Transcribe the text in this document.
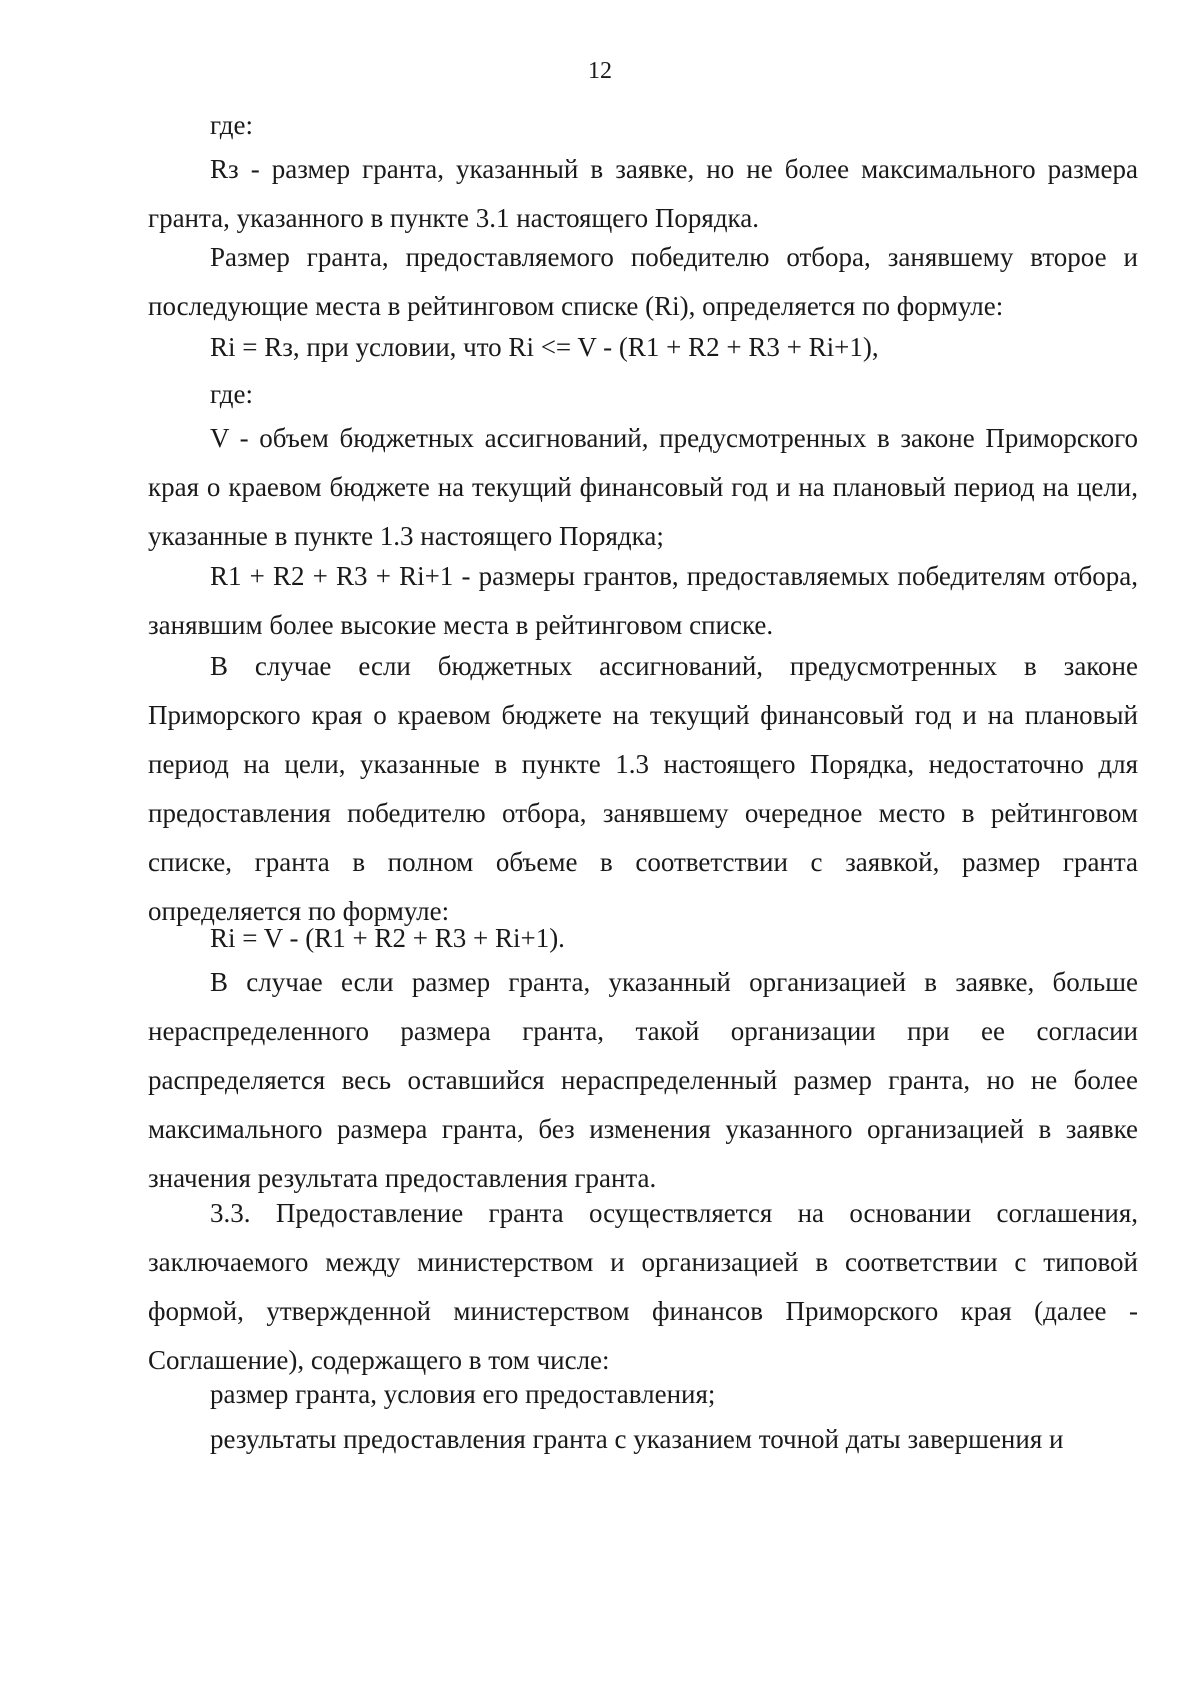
12

где:

Rз - размер гранта, указанный в заявке, но не более максимального размера гранта, указанного в пункте 3.1 настоящего Порядка.

Размер гранта, предоставляемого победителю отбора, занявшему второе и последующие места в рейтинговом списке (Ri), определяется по формуле:

Ri = Rз, при условии, что Ri <= V - (R1 + R2 + R3 + Ri+1),

где:

V - объем бюджетных ассигнований, предусмотренных в законе Приморского края о краевом бюджете на текущий финансовый год и на плановый период на цели, указанные в пункте 1.3 настоящего Порядка;

R1 + R2 + R3 + Ri+1 - размеры грантов, предоставляемых победителям отбора, занявшим более высокие места в рейтинговом списке.

В случае если бюджетных ассигнований, предусмотренных в законе Приморского края о краевом бюджете на текущий финансовый год и на плановый период на цели, указанные в пункте 1.3 настоящего Порядка, недостаточно для предоставления победителю отбора, занявшему очередное место в рейтинговом списке, гранта в полном объеме в соответствии с заявкой, размер гранта определяется по формуле:

Ri = V - (R1 + R2 + R3 + Ri+1).

В случае если размер гранта, указанный организацией в заявке, больше нераспределенного размера гранта, такой организации при ее согласии распределяется весь оставшийся нераспределенный размер гранта, но не более максимального размера гранта, без изменения указанного организацией в заявке значения результата предоставления гранта.

3.3. Предоставление гранта осуществляется на основании соглашения, заключаемого между министерством и организацией в соответствии с типовой формой, утвержденной министерством финансов Приморского края (далее - Соглашение), содержащего в том числе:

размер гранта, условия его предоставления;

результаты предоставления гранта с указанием точной даты завершения и
